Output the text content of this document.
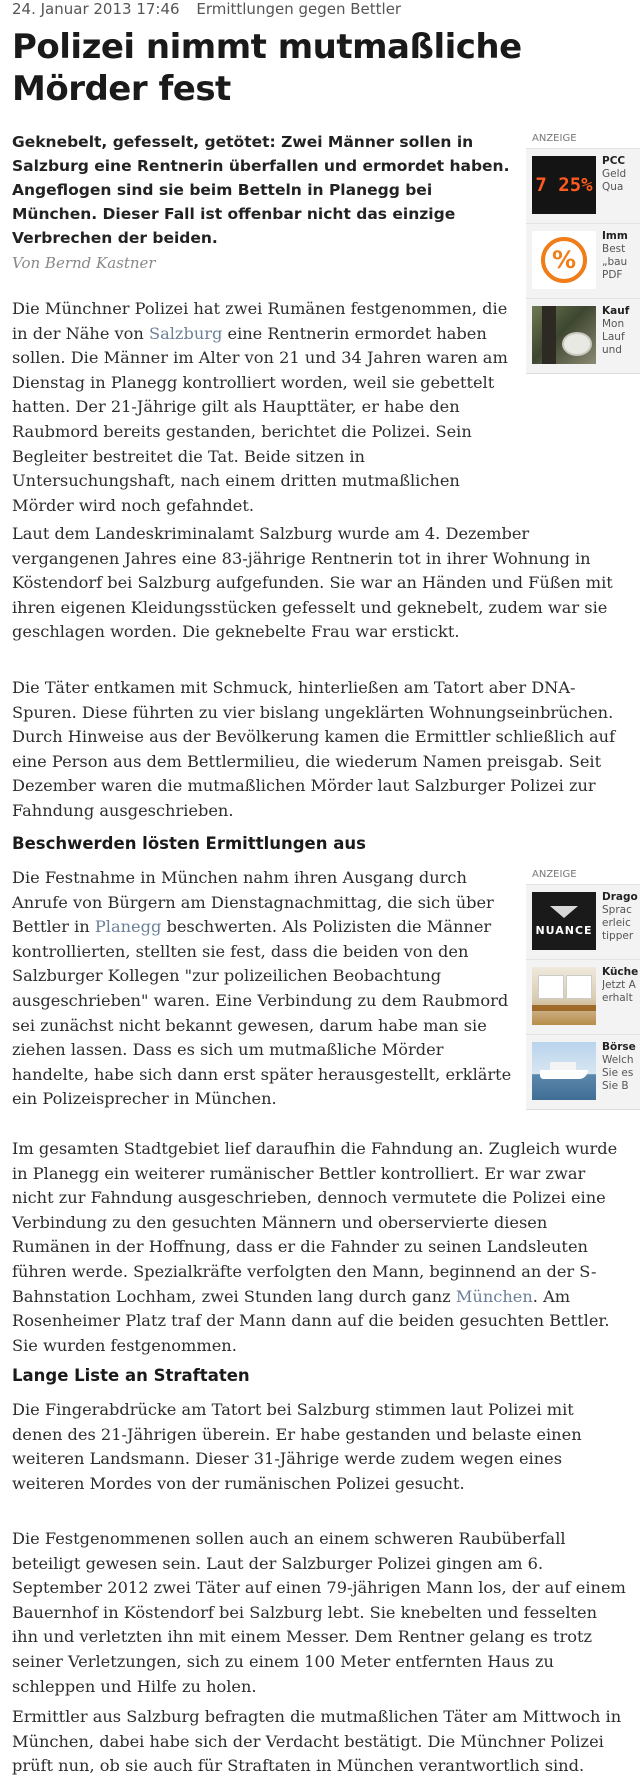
24. Januar 2013 17:46 Ermittlungen gegen Bettler
Polizei nimmt mutmaßliche Mörder fest

Geknebelt, gefesselt, getötet: Zwei Männer sollen in Salzburg eine Rentnerin überfallen und ermordet haben. Angeflogen sind sie beim Betteln in Planegg bei München. Dieser Fall ist offenbar nicht das einzige Verbrechen der beiden.

Von Bernd Kastner

Die Münchner Polizei hat zwei Rumänen festgenommen, die in der Nähe von Salzburg eine Rentnerin ermordet haben sollen. Die Männer im Alter von 21 und 34 Jahren waren am Dienstag in Planegg kontrolliert worden, weil sie gebettelt hatten. Der 21-Jährige gilt als Haupttäter, er habe den Raubmord bereits gestanden, berichtet die Polizei. Sein Begleiter bestreitet die Tat. Beide sitzen in Untersuchungshaft, nach einem dritten mutmaßlichen Mörder wird noch gefahndet.

Laut dem Landeskriminalamt Salzburg wurde am 4. Dezember vergangenen Jahres eine 83-jährige Rentnerin tot in ihrer Wohnung in Köstendorf bei Salzburg aufgefunden. Sie war an Händen und Füßen mit ihren eigenen Kleidungsstücken gefesselt und geknebelt, zudem war sie geschlagen worden. Die geknebelte Frau war erstickt.

Die Täter entkamen mit Schmuck, hinterließen am Tatort aber DNA-Spuren. Diese führten zu vier bislang ungeklärten Wohnungseinbrüchen. Durch Hinweise aus der Bevölkerung kamen die Ermittler schließlich auf eine Person aus dem Bettlermilieu, die wiederum Namen preisgab. Seit Dezember waren die mutmaßlichen Mörder laut Salzburger Polizei zur Fahndung ausgeschrieben.

Beschwerden lösten Ermittlungen aus

Die Festnahme in München nahm ihren Ausgang durch Anrufe von Bürgern am Dienstagnachmittag, die sich über Bettler in Planegg beschwerten. Als Polizisten die Männer kontrollierten, stellten sie fest, dass die beiden von den Salzburger Kollegen "zur polizeilichen Beobachtung ausgeschrieben" waren. Eine Verbindung zu dem Raubmord sei zunächst nicht bekannt gewesen, darum habe man sie ziehen lassen. Dass es sich um mutmaßliche Mörder handelte, habe sich dann erst später herausgestellt, erklärte ein Polizeisprecher in München.

Im gesamten Stadtgebiet lief daraufhin die Fahndung an. Zugleich wurde in Planegg ein weiterer rumänischer Bettler kontrolliert. Er war zwar nicht zur Fahndung ausgeschrieben, dennoch vermutete die Polizei eine Verbindung zu den gesuchten Männern und oberservierte diesen Rumänen in der Hoffnung, dass er die Fahnder zu seinen Landsleuten führen werde. Spezialkräfte verfolgten den Mann, beginnend an der S-Bahnstation Lochham, zwei Stunden lang durch ganz München. Am Rosenheimer Platz traf der Mann dann auf die beiden gesuchten Bettler. Sie wurden festgenommen.

Lange Liste an Straftaten

Die Fingerabdrücke am Tatort bei Salzburg stimmen laut Polizei mit denen des 21-Jährigen überein. Er habe gestanden und belaste einen weiteren Landsmann. Dieser 31-Jährige werde zudem wegen eines weiteren Mordes von der rumänischen Polizei gesucht.

Die Festgenommenen sollen auch an einem schweren Raubüberfall beteiligt gewesen sein. Laut der Salzburger Polizei gingen am 6. September 2012 zwei Täter auf einen 79-jährigen Mann los, der auf einem Bauernhof in Köstendorf bei Salzburg lebt. Sie knebelten und fesselten ihn und verletzten ihn mit einem Messer. Dem Rentner gelang es trotz seiner Verletzungen, sich zu einem 100 Meter entfernten Haus zu schleppen und Hilfe zu holen.

Ermittler aus Salzburg befragten die mutmaßlichen Täter am Mittwoch in München, dabei habe sich der Verdacht bestätigt. Die Münchner Polizei prüft nun, ob sie auch für Straftaten in München verantwortlich sind.

ANZEIGE
7 25%
PCC
Geld
Qua
%
Imm
Best
„bau
PDF
Kauf
Mon
Lauf
und
ANZEIGE
NUANCE
Drago
Sprac
erleic
tipper
Küche
Jetzt A
erhalt
Börse
Welch
Sie es
Sie B
